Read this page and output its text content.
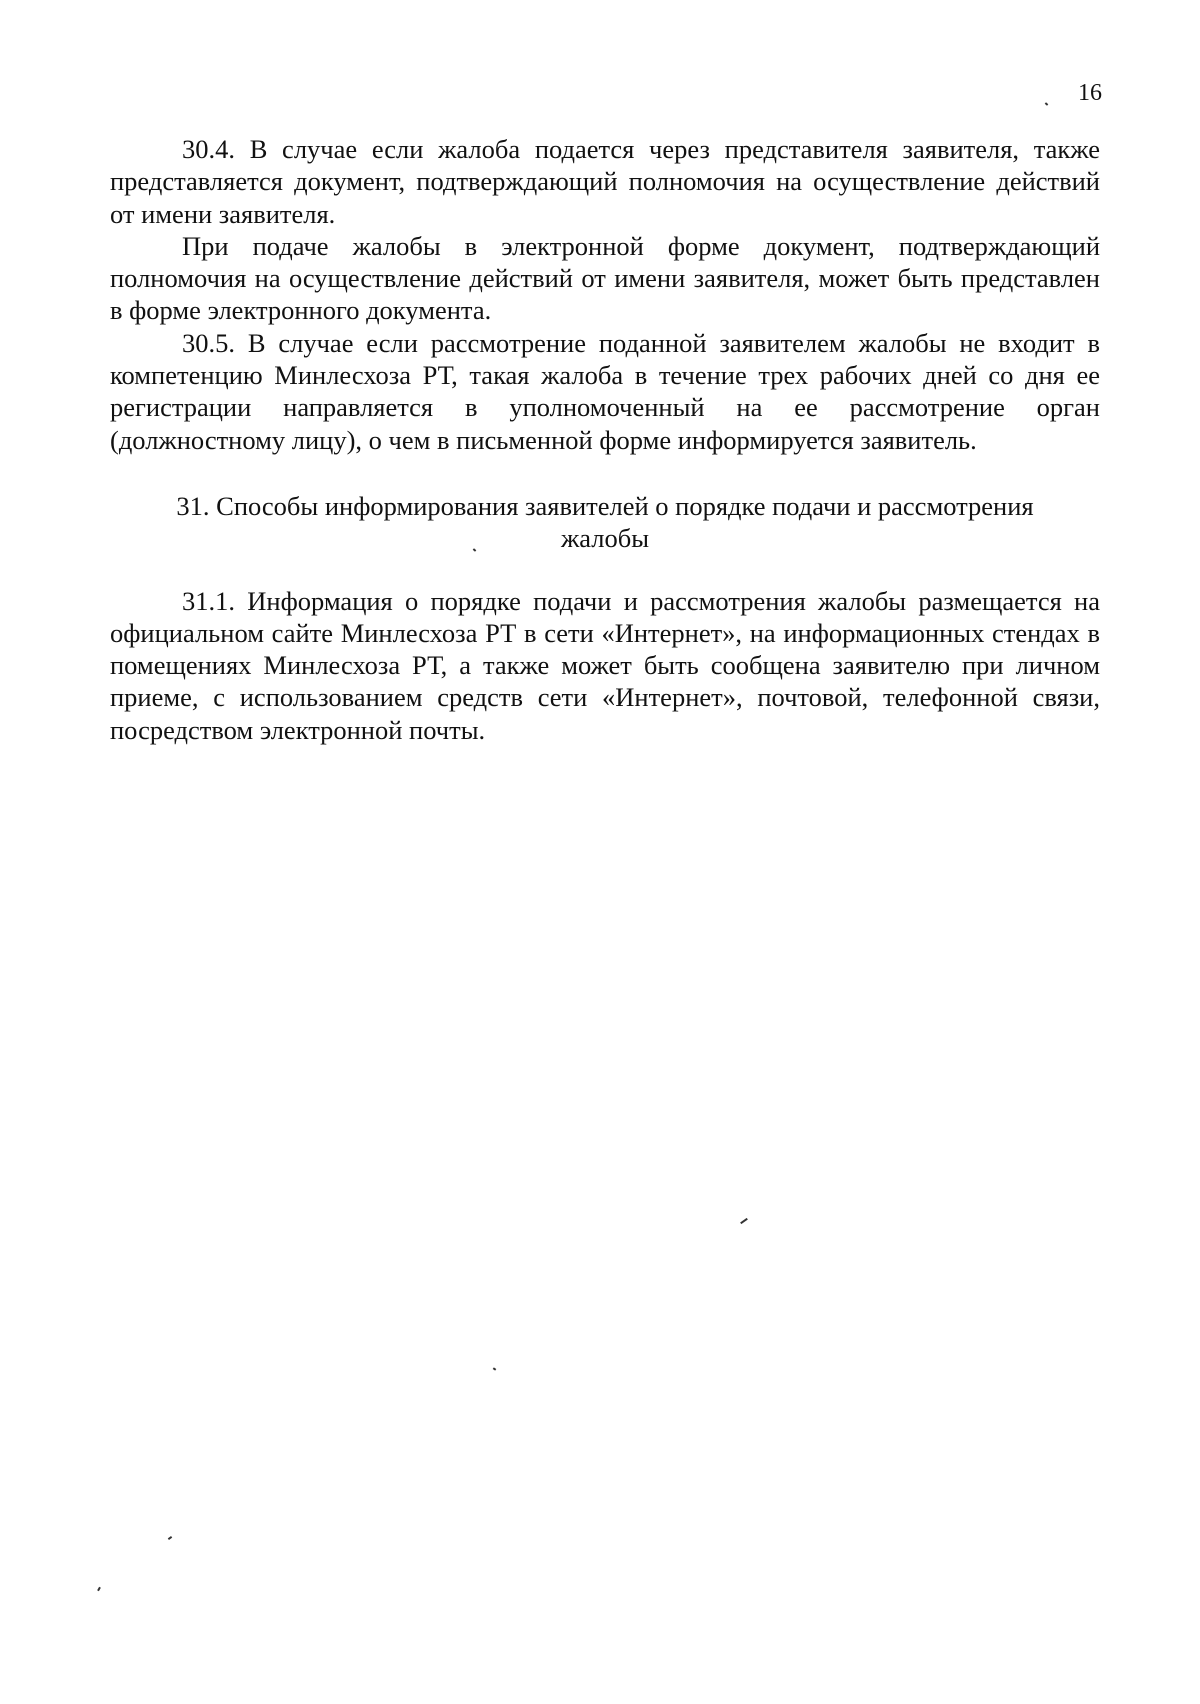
16

30.4. В случае если жалоба подается через представителя заявителя, также представляется документ, подтверждающий полномочия на осуществление действий от имени заявителя.

При подаче жалобы в электронной форме документ, подтверждающий полномочия на осуществление действий от имени заявителя, может быть представлен в форме электронного документа.

30.5. В случае если рассмотрение поданной заявителем жалобы не входит в компетенцию Минлесхоза РТ, такая жалоба в течение трех рабочих дней со дня ее регистрации направляется в уполномоченный на ее рассмотрение орган (должностному лицу), о чем в письменной форме информируется заявитель.

31. Способы информирования заявителей о порядке подачи и рассмотрения
жалобы

31.1. Информация о порядке подачи и рассмотрения жалобы размещается на официальном сайте Минлесхоза РТ в сети «Интернет», на информационных стендах в помещениях Минлесхоза РТ, а также может быть сообщена заявителю при личном приеме, с использованием средств сети «Интернет», почтовой, телефонной связи, посредством электронной почты.
